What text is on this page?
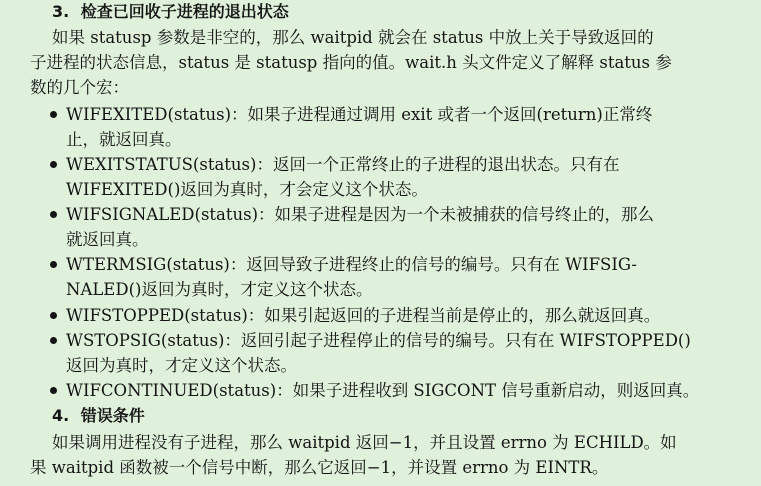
3. 检查已回收子进程的退出状态
如果 statusp 参数是非空的，那么 waitpid 就会在 status 中放上关于导致返回的
子进程的状态信息，status 是 statusp 指向的值。wait.h 头文件定义了解释 status 参
数的几个宏：
WIFEXITED(status)：如果子进程通过调用 exit 或者一个返回(return)正常终
止，就返回真。
WEXITSTATUS(status)：返回一个正常终止的子进程的退出状态。只有在
WIFEXITED()返回为真时，才会定义这个状态。
WIFSIGNALED(status)：如果子进程是因为一个未被捕获的信号终止的，那么
就返回真。
WTERMSIG(status)：返回导致子进程终止的信号的编号。只有在 WIFSIG-
NALED()返回为真时，才定义这个状态。
WIFSTOPPED(status)：如果引起返回的子进程当前是停止的，那么就返回真。
WSTOPSIG(status)：返回引起子进程停止的信号的编号。只有在 WIFSTOPPED()
返回为真时，才定义这个状态。
WIFCONTINUED(status)：如果子进程收到 SIGCONT 信号重新启动，则返回真。
4. 错误条件
如果调用进程没有子进程，那么 waitpid 返回−1，并且设置 errno 为 ECHILD。如
果 waitpid 函数被一个信号中断，那么它返回−1，并设置 errno 为 EINTR。
